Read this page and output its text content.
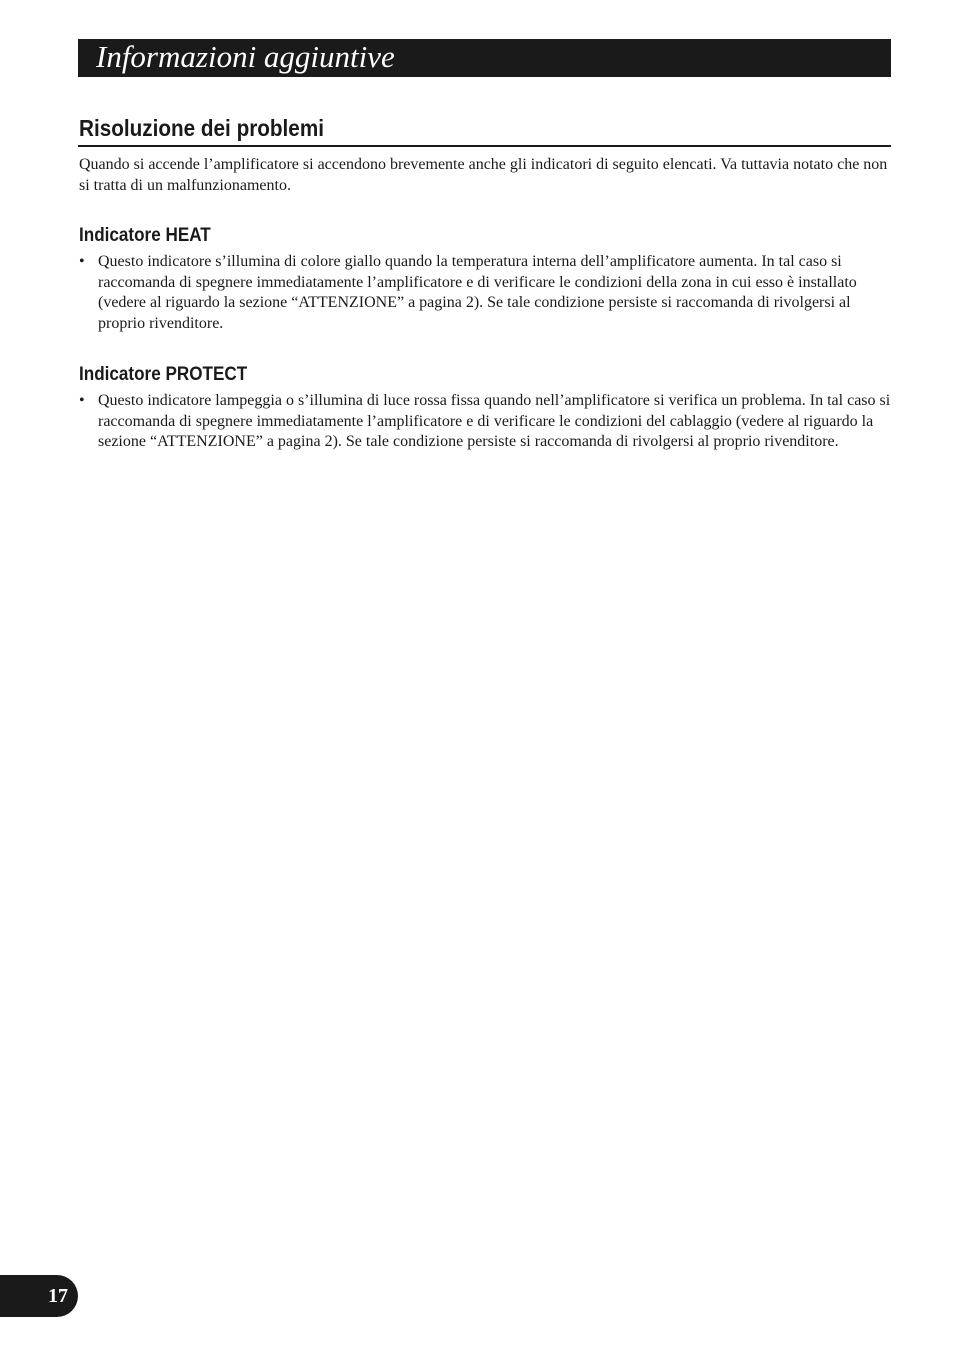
Informazioni aggiuntive
Risoluzione dei problemi

Quando si accende l’amplificatore si accendono brevemente anche gli indicatori di seguito elencati. Va tuttavia notato che non si tratta di un malfunzionamento.

Indicatore HEAT
• Questo indicatore s’illumina di colore giallo quando la temperatura interna dell’amplificatore aumenta. In tal caso si raccomanda di spegnere immediatamente l’amplificatore e di verificare le condizioni della zona in cui esso è installato (vedere al riguardo la sezione “ATTENZIONE” a pagina 2). Se tale condizione persiste si raccomanda di rivolgersi al proprio rivenditore.
Indicatore PROTECT
• Questo indicatore lampeggia o s’illumina di luce rossa fissa quando nell’amplificatore si verifica un problema. In tal caso si raccomanda di spegnere immediatamente l’amplificatore e di verificare le condizioni del cablaggio (vedere al riguardo la sezione “ATTENZIONE” a pagina 2). Se tale condizione persiste si raccomanda di rivolgersi al proprio rivenditore.
17
